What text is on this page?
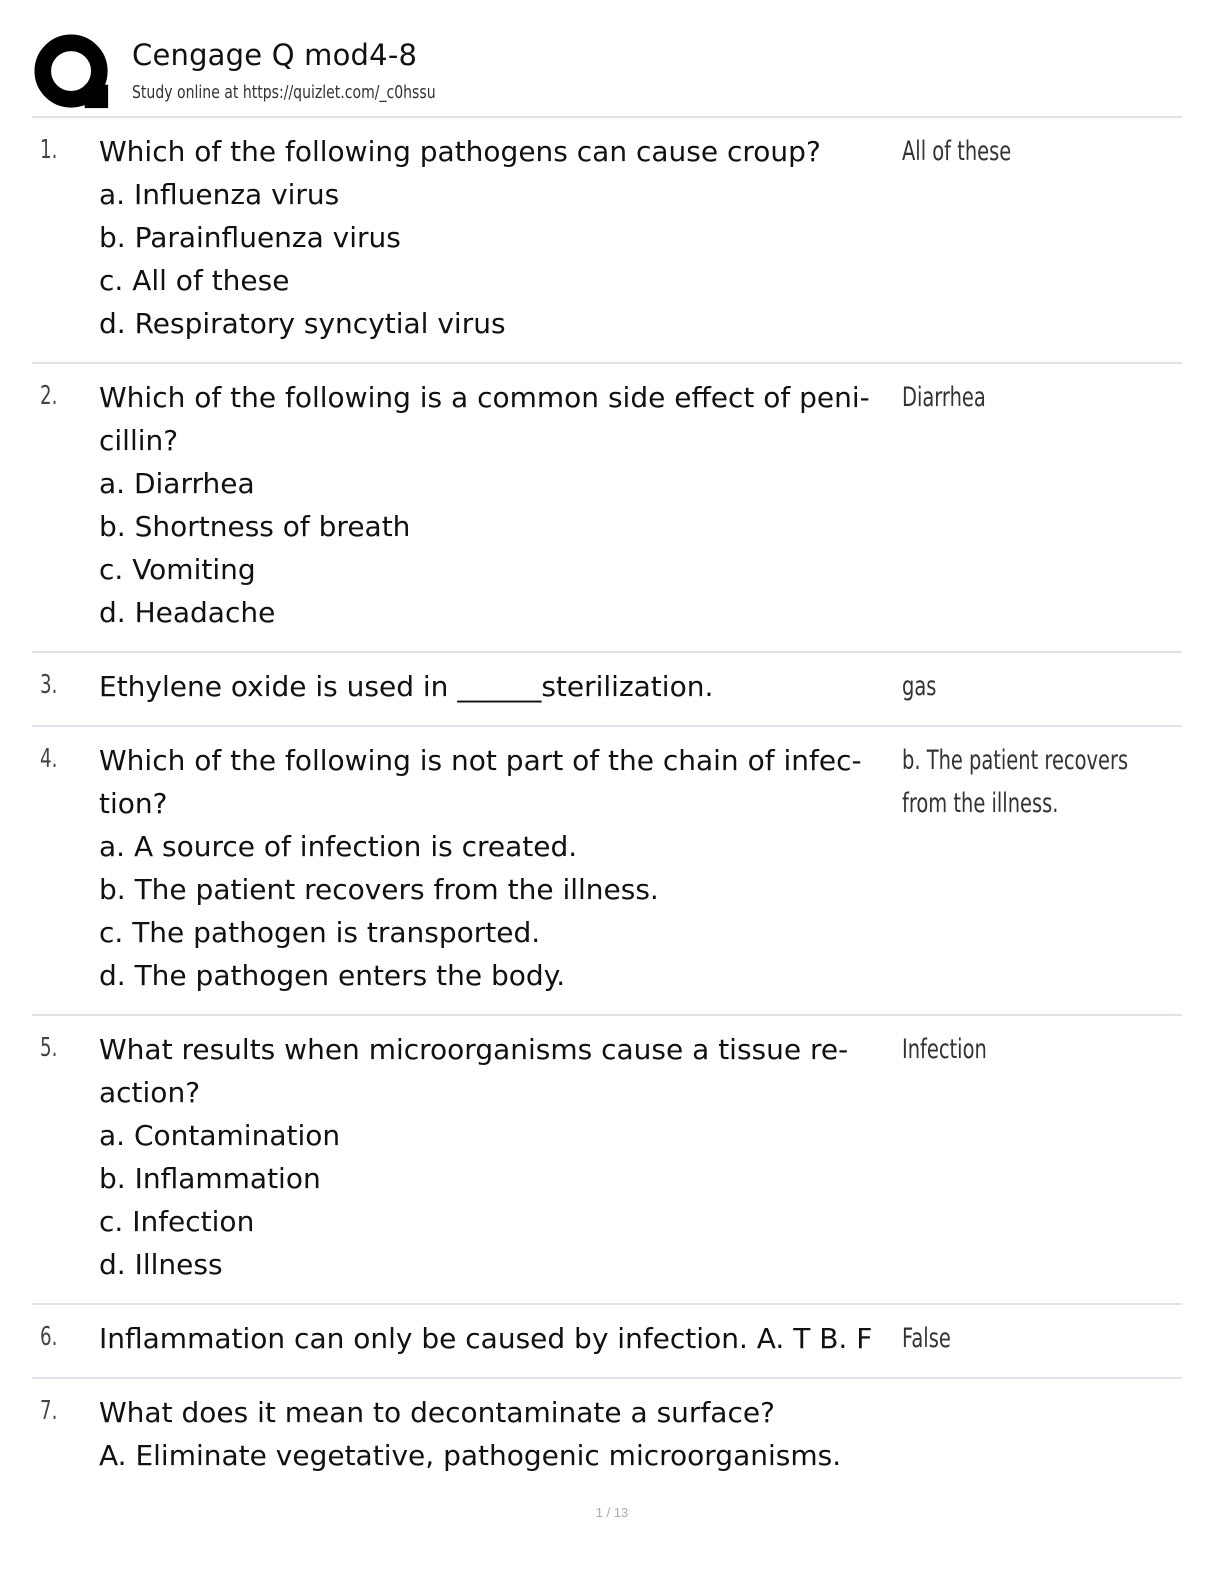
Cengage Q mod4-8
Study online at https://quizlet.com/_c0hssu
1. Which of the following pathogens can cause croup?
a. Influenza virus
b. Parainfluenza virus
c. All of these
d. Respiratory syncytial virus
All of these
2. Which of the following is a common side effect of peni-
cillin?
a. Diarrhea
b. Shortness of breath
c. Vomiting
d. Headache
Diarrhea
3. Ethylene oxide is used in ______sterilization.	gas
4. Which of the following is not part of the chain of infec-
tion?
a. A source of infection is created.
b. The patient recovers from the illness.
c. The pathogen is transported.
d. The pathogen enters the body.
b. The patient recovers
from the illness.
5. What results when microorganisms cause a tissue re-
action?
a. Contamination
b. Inflammation
c. Infection
d. Illness
Infection
6. Inflammation can only be caused by infection. A. T B. F	False
7. What does it mean to decontaminate a surface?
A. Eliminate vegetative, pathogenic microorganisms.
1 / 13
